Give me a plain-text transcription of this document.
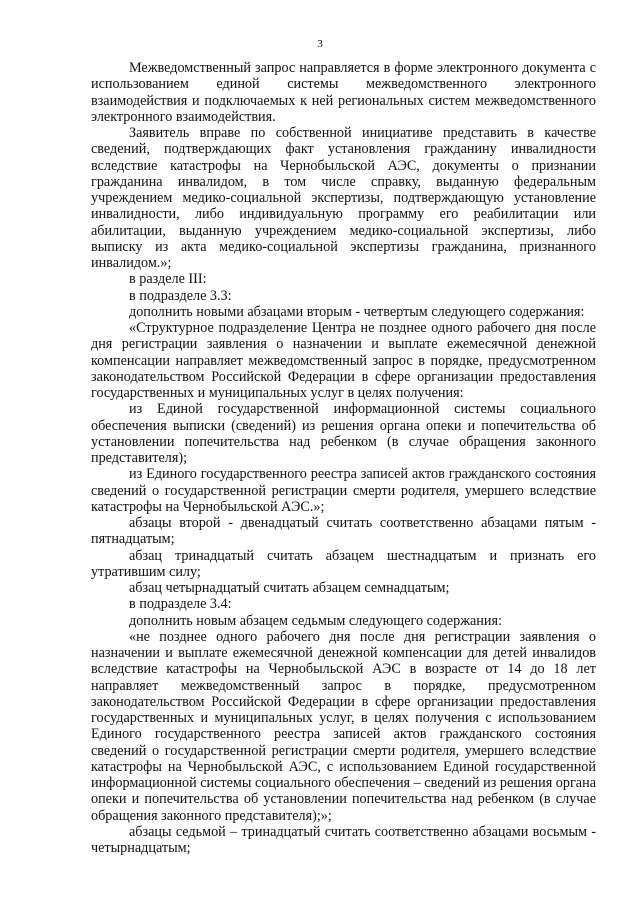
3

Межведомственный запрос направляется в форме электронного документа с использованием единой системы межведомственного электронного взаимодействия и подключаемых к ней региональных систем межведомственного электронного взаимодействия.

Заявитель вправе по собственной инициативе представить в качестве сведений, подтверждающих факт установления гражданину инвалидности вследствие катастрофы на Чернобыльской АЭС, документы о признании гражданина инвалидом, в том числе справку, выданную федеральным учреждением медико-социальной экспертизы, подтверждающую установление инвалидности, либо индивидуальную программу его реабилитации или абилитации, выданную учреждением медико-социальной экспертизы, либо выписку из акта медико-социальной экспертизы гражданина, признанного инвалидом.»;

в разделе III:

в подразделе 3.3:

дополнить новыми абзацами вторым - четвертым следующего содержания:

«Структурное подразделение Центра не позднее одного рабочего дня после дня регистрации заявления о назначении и выплате ежемесячной денежной компенсации направляет межведомственный запрос в порядке, предусмотренном законодательством Российской Федерации в сфере организации предоставления государственных и муниципальных услуг в целях получения:

из Единой государственной информационной системы социального обеспечения выписки (сведений) из решения органа опеки и попечительства об установлении попечительства над ребенком (в случае обращения законного представителя);

из Единого государственного реестра записей актов гражданского состояния сведений о государственной регистрации смерти родителя, умершего вследствие катастрофы на Чернобыльской АЭС.»;

абзацы второй - двенадцатый считать соответственно абзацами пятым - пятнадцатым;

абзац тринадцатый считать абзацем шестнадцатым и признать его утратившим силу;

абзац четырнадцатый считать абзацем семнадцатым;

в подразделе 3.4:

дополнить новым абзацем седьмым следующего содержания:

«не позднее одного рабочего дня после дня регистрации заявления о назначении и выплате ежемесячной денежной компенсации для детей инвалидов вследствие катастрофы на Чернобыльской АЭС в возрасте от 14 до 18 лет направляет межведомственный запрос в порядке, предусмотренном законодательством Российской Федерации в сфере организации предоставления государственных и муниципальных услуг, в целях получения с использованием Единого государственного реестра записей актов гражданского состояния сведений о государственной регистрации смерти родителя, умершего вследствие катастрофы на Чернобыльской АЭС, с использованием Единой государственной информационной системы социального обеспечения – сведений из решения органа опеки и попечительства об установлении попечительства над ребенком (в случае обращения законного представителя);»;

абзацы седьмой – тринадцатый считать соответственно абзацами восьмым - четырнадцатым;
